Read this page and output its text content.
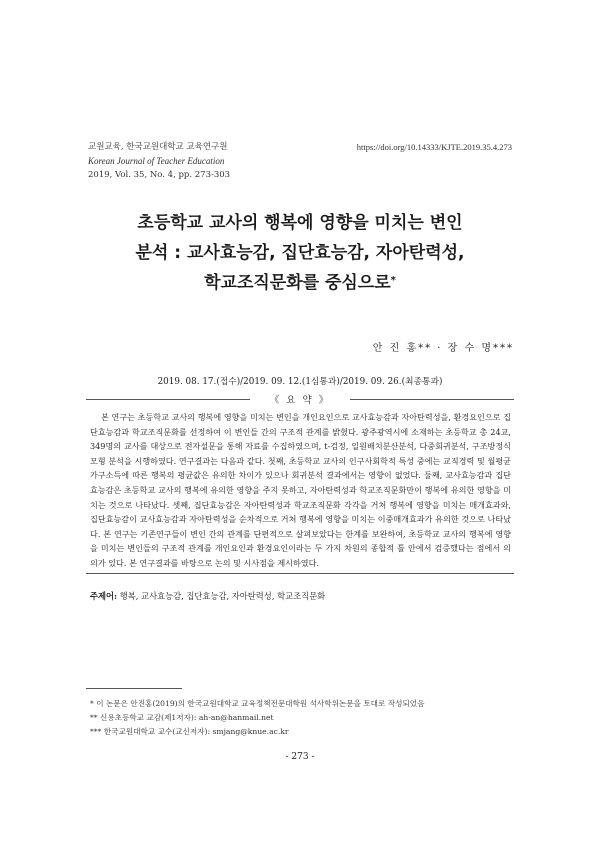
교원교육, 한국교원대학교 교육연구원
Korean Journal of Teacher Education
2019, Vol. 35, No. 4, pp. 273-303
https://doi.org/10.14333/KJTE.2019.35.4.273
초등학교 교사의 행복에 영향을 미치는 변인
분석 : 교사효능감, 집단효능감, 자아탄력성,
학교조직문화를 중심으로*
안 진 홍** · 장 수 명***
2019. 08. 17.(접수)/2019. 09. 12.(1심통과)/2019. 09. 26.(최종통과)
《 요 약 》

본 연구는 초등학교 교사의 행복에 영향을 미치는 변인을 개인요인으로 교사효능감과 자아탄력성을, 환경요인으로 집단효능감과 학교조직문화를 선정하여 이 변인들 간의 구조적 관계를 밝혔다. 광주광역시에 소재하는 초등학교 총 24교, 349명의 교사를 대상으로 전자설문을 통해 자료를 수집하였으며, t-검정, 일원배치분산분석, 다중회귀분석, 구조방정식모형 분석을 시행하였다. 연구결과는 다음과 같다. 첫째, 초등학교 교사의 인구사회학적 특성 중에는 교직경력 및 월평균가구소득에 따른 행복의 평균값은 유의한 차이가 있으나 회귀분석 결과에서는 영향이 없었다. 둘째, 교사효능감과 집단효능감은 초등학교 교사의 행복에 유의한 영향을 주지 못하고, 자아탄력성과 학교조직문화만이 행복에 유의한 영향을 미치는 것으로 나타났다. 셋째, 집단효능감은 자아탄력성과 학교조직문화 각각을 거쳐 행복에 영향을 미치는 매개효과와, 집단효능감이 교사효능감과 자아탄력성을 순차적으로 거쳐 행복에 영향을 미치는 이중매개효과가 유의한 것으로 나타났다. 본 연구는 기존연구들이 변인 간의 관계를 단편적으로 살펴보았다는 한계를 보완하여, 초등학교 교사의 행복에 영향을 미치는 변인들의 구조적 관계를 개인요인과 환경요인이라는 두 가지 차원의 종합적 틀 안에서 검증했다는 점에서 의의가 있다. 본 연구결과를 바탕으로 논의 및 시사점을 제시하였다.

주제어: 행복, 교사효능감, 집단효능감, 자아탄력성, 학교조직문화
* 이 논문은 안진홍(2019)의 한국교원대학교 교육정책전문대학원 석사학위논문을 토대로 작성되었음
** 신용초등학교 교감(제1저자): ah-an@hanmail.net
*** 한국교원대학교 교수(교신저자): smjang@knue.ac.kr
- 273 -
